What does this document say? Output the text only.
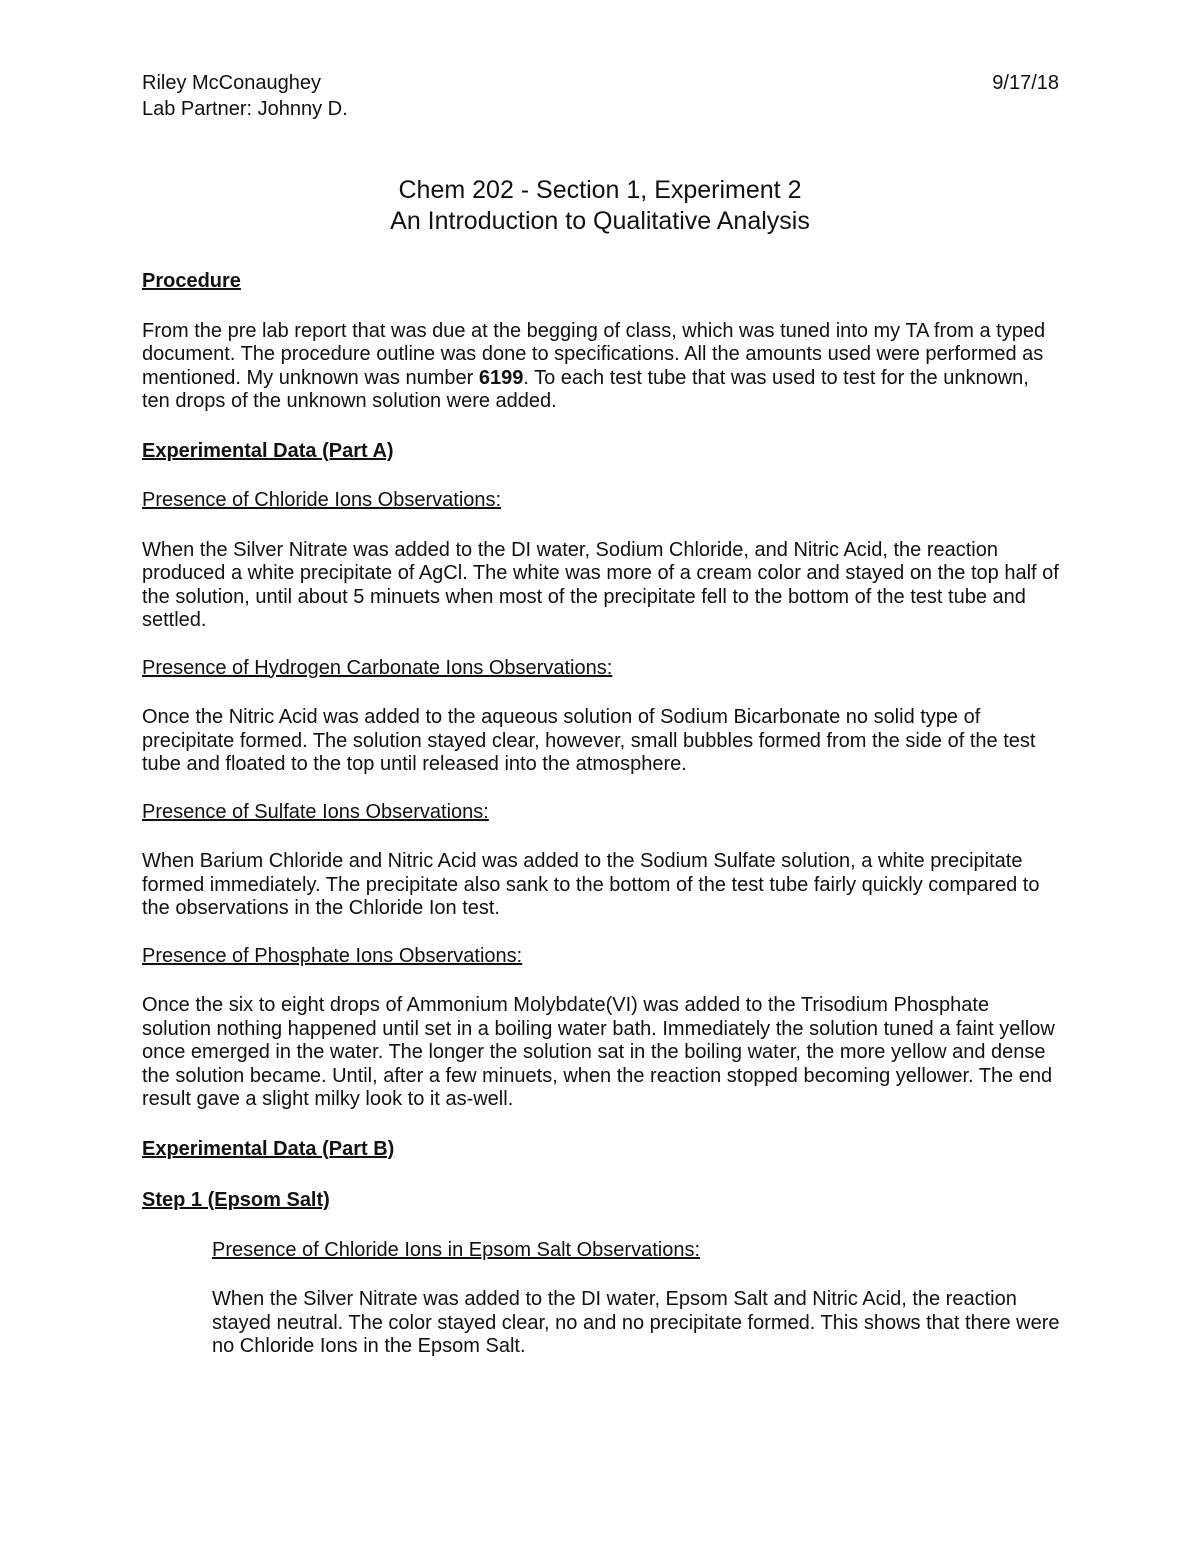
Riley McConaughey
Lab Partner: Johnny D.
9/17/18
Chem 202 - Section 1, Experiment 2
An Introduction to Qualitative Analysis

Procedure

From the pre lab report that was due at the begging of class, which was tuned into my TA from a typed document. The procedure outline was done to specifications. All the amounts used were performed as mentioned. My unknown was number 6199. To each test tube that was used to test for the unknown, ten drops of the unknown solution were added.

Experimental Data (Part A)

Presence of Chloride Ions Observations:

When the Silver Nitrate was added to the DI water, Sodium Chloride, and Nitric Acid, the reaction produced a white precipitate of AgCl. The white was more of a cream color and stayed on the top half of the solution, until about 5 minuets when most of the precipitate fell to the bottom of the test tube and settled.

Presence of Hydrogen Carbonate Ions Observations:

Once the Nitric Acid was added to the aqueous solution of Sodium Bicarbonate no solid type of precipitate formed. The solution stayed clear, however, small bubbles formed from the side of the test tube and floated to the top until released into the atmosphere.

Presence of Sulfate Ions Observations:

When Barium Chloride and Nitric Acid was added to the Sodium Sulfate solution, a white precipitate formed immediately. The precipitate also sank to the bottom of the test tube fairly quickly compared to the observations in the Chloride Ion test.

Presence of Phosphate Ions Observations:

Once the six to eight drops of Ammonium Molybdate(VI) was added to the Trisodium Phosphate solution nothing happened until set in a boiling water bath. Immediately the solution tuned a faint yellow once emerged in the water. The longer the solution sat in the boiling water, the more yellow and dense the solution became. Until, after a few minuets, when the reaction stopped becoming yellower. The end result gave a slight milky look to it as-well.

Experimental Data (Part B)

Step 1 (Epsom Salt)

Presence of Chloride Ions in Epsom Salt Observations:

When the Silver Nitrate was added to the DI water, Epsom Salt and Nitric Acid, the reaction stayed neutral. The color stayed clear, no and no precipitate formed. This shows that there were no Chloride Ions in the Epsom Salt.
